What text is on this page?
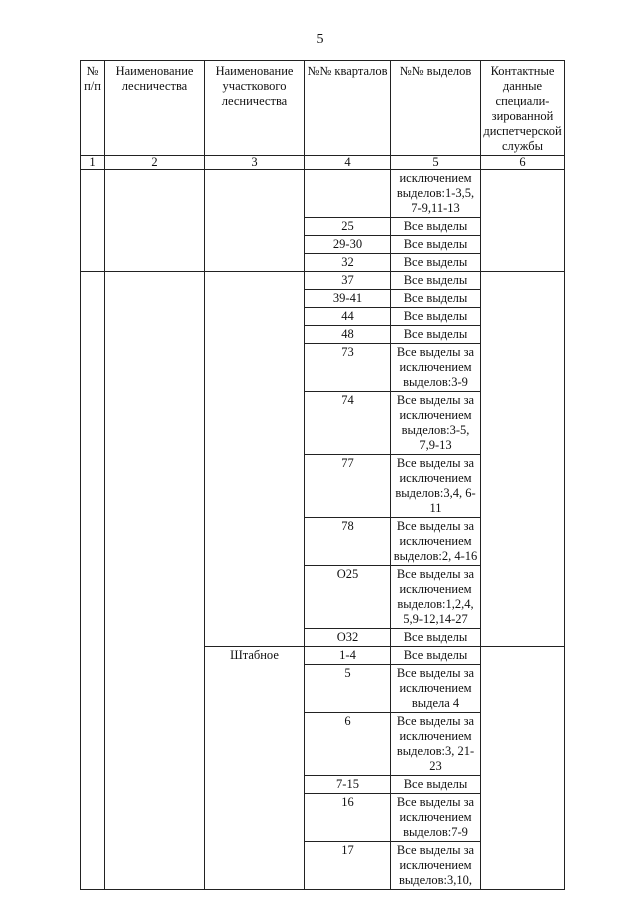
5
№ п/п	Наименование лесничества	Наименование участкового лесничества	№№ кварталов	№№ выделов	Контактные данные специали-зированной диспетчерской службы
1	2	3	4	5	6
				исключением выделов:1-3,5, 7-9,11-13	
			25	Все выделы	
			29-30	Все выделы	
			32	Все выделы	
			37	Все выделы	
			39-41	Все выделы	
			44	Все выделы	
			48	Все выделы	
			73	Все выделы за исключением выделов:3-9	
			74	Все выделы за исключением выделов:3-5, 7,9-13	
			77	Все выделы за исключением выделов:3,4, 6-11	
			78	Все выделы за исключением выделов:2, 4-16	
			О25	Все выделы за исключением выделов:1,2,4, 5,9-12,14-27	
			О32	Все выделы	
		Штабное	1-4	Все выделы	
			5	Все выделы за исключением выдела 4	
			6	Все выделы за исключением выделов:3, 21-23	
			7-15	Все выделы	
			16	Все выделы за исключением выделов:7-9	
			17	Все выделы за исключением выделов:3,10,	
